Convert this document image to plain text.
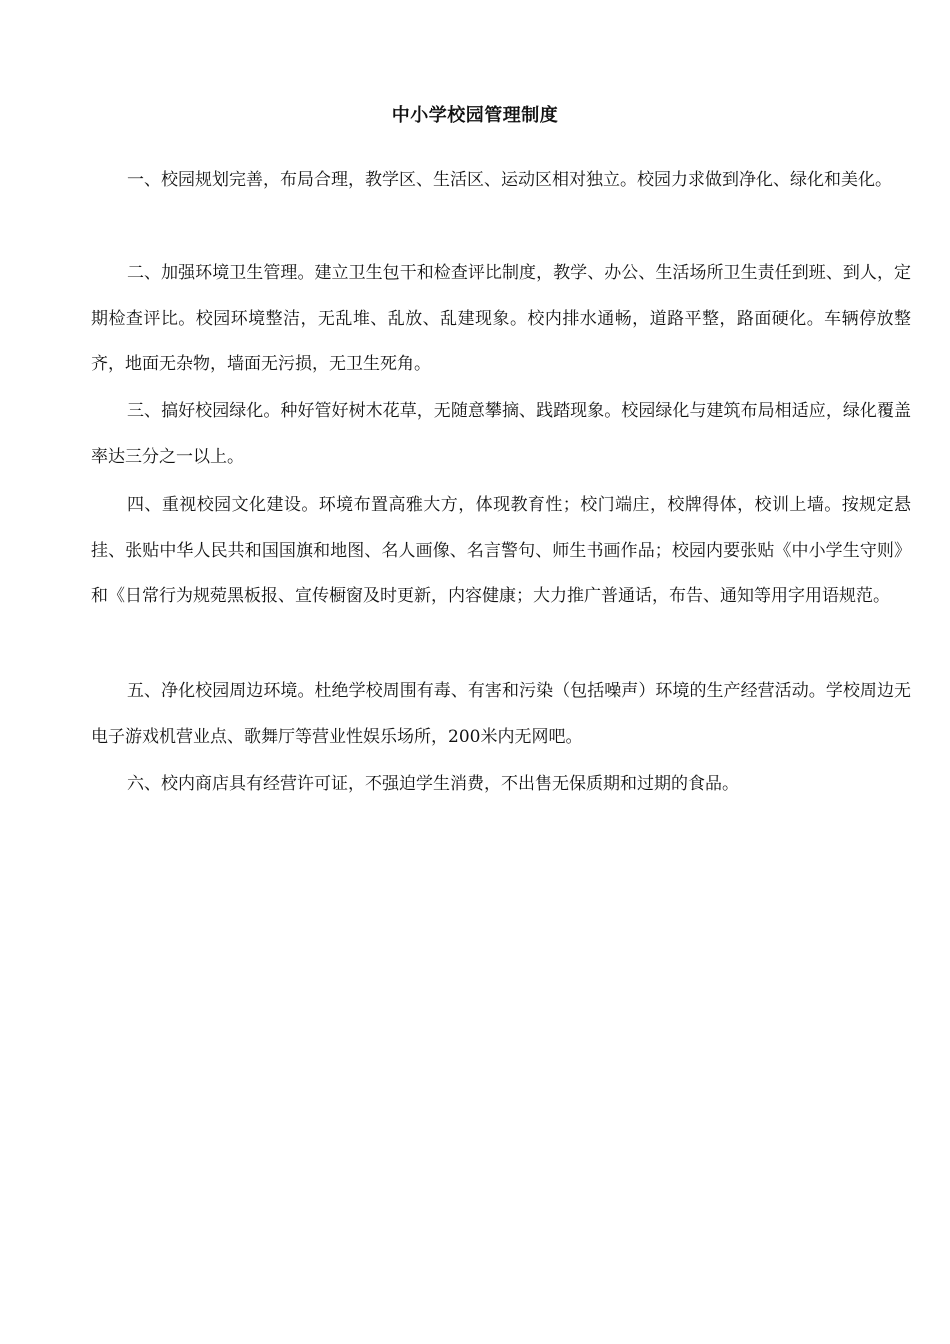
中小学校园管理制度

一、校园规划完善，布局合理，教学区、生活区、运动区相对独立。校园力求做到净化、绿化和美化。

二、加强环境卫生管理。建立卫生包干和检查评比制度，教学、办公、生活场所卫生责任到班、到人，定期检查评比。校园环境整洁，无乱堆、乱放、乱建现象。校内排水通畅，道路平整，路面硬化。车辆停放整齐，地面无杂物，墙面无污损，无卫生死角。

三、搞好校园绿化。种好管好树木花草，无随意攀摘、践踏现象。校园绿化与建筑布局相适应，绿化覆盖率达三分之一以上。

四、重视校园文化建设。环境布置高雅大方，体现教育性；校门端庄，校牌得体，校训上墙。按规定悬挂、张贴中华人民共和国国旗和地图、名人画像、名言警句、师生书画作品；校园内要张贴《中小学生守则》和《日常行为规菀黑板报、宣传橱窗及时更新，内容健康；大力推广普通话，布告、通知等用字用语规范。

五、净化校园周边环境。杜绝学校周围有毒、有害和污染（包括噪声）环境的生产经营活动。学校周边无电子游戏机营业点、歌舞厅等营业性娱乐场所，200米内无网吧。

六、校内商店具有经营许可证，不强迫学生消费，不出售无保质期和过期的食品。
